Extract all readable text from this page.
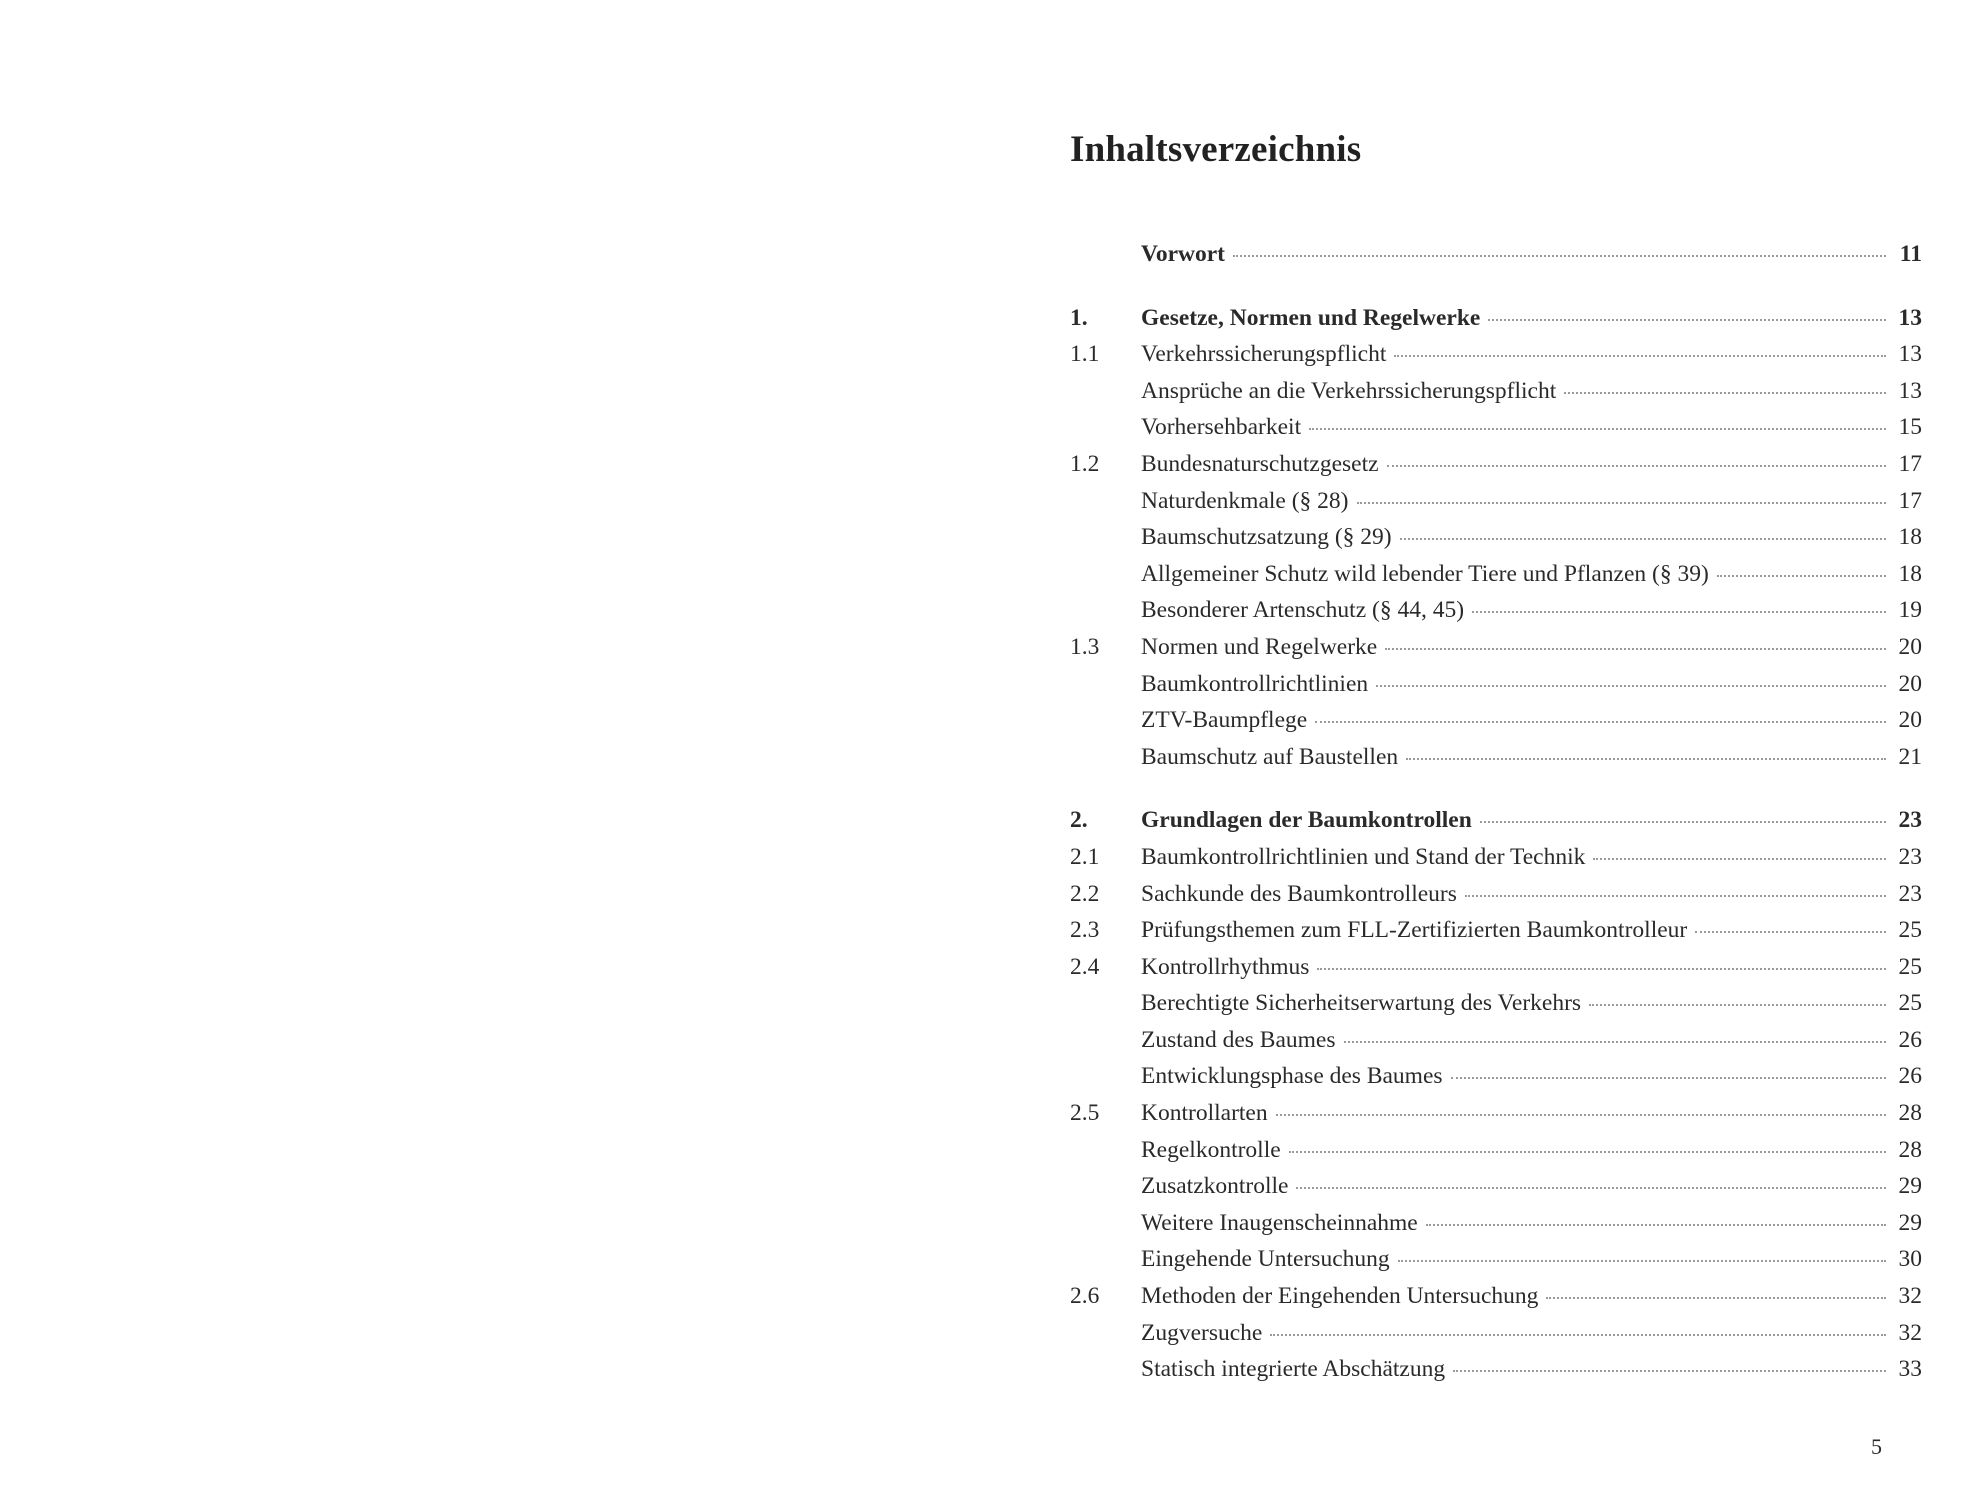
Inhaltsverzeichnis
Vorwort	11
1.	Gesetze, Normen und Regelwerke	13
1.1	Verkehrssicherungspflicht	13
Ansprüche an die Verkehrssicherungspflicht	13
Vorhersehbarkeit	15
1.2	Bundesnaturschutzgesetz	17
Naturdenkmale (§ 28)	17
Baumschutzsatzung (§ 29)	18
Allgemeiner Schutz wild lebender Tiere und Pflanzen (§ 39)	18
Besonderer Artenschutz (§ 44, 45)	19
1.3	Normen und Regelwerke	20
Baumkontrollrichtlinien	20
ZTV-Baumpflege	20
Baumschutz auf Baustellen	21
2.	Grundlagen der Baumkontrollen	23
2.1	Baumkontrollrichtlinien und Stand der Technik	23
2.2	Sachkunde des Baumkontrolleurs	23
2.3	Prüfungsthemen zum FLL-Zertifizierten Baumkontrolleur	25
2.4	Kontrollrhythmus	25
Berechtigte Sicherheitserwartung des Verkehrs	25
Zustand des Baumes	26
Entwicklungsphase des Baumes	26
2.5	Kontrollarten	28
Regelkontrolle	28
Zusatzkontrolle	29
Weitere Inaugenscheinnahme	29
Eingehende Untersuchung	30
2.6	Methoden der Eingehenden Untersuchung	32
Zugversuche	32
Statisch integrierte Abschätzung	33
5
